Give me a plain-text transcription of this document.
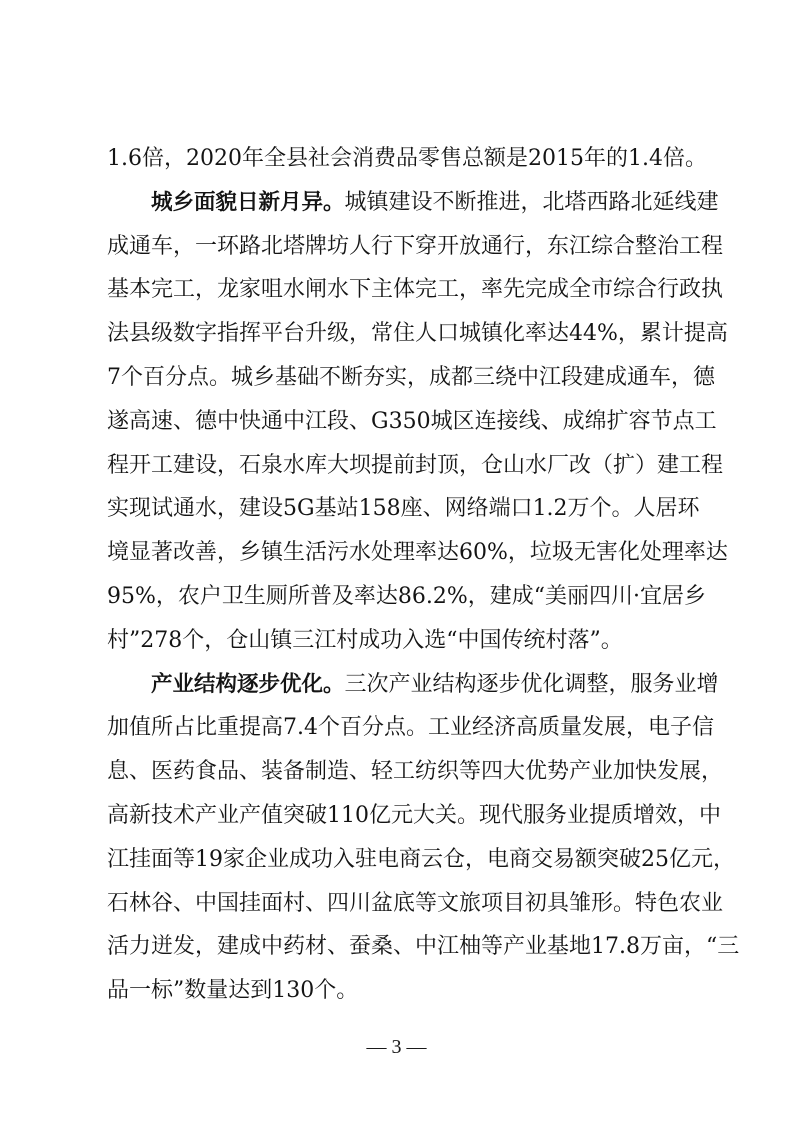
1.6倍，2020年全县社会消费品零售总额是2015年的1.4倍。
城乡面貌日新月异。城镇建设不断推进，北塔西路北延线建
成通车，一环路北塔牌坊人行下穿开放通行，东江综合整治工程
基本完工，龙家咀水闸水下主体完工，率先完成全市综合行政执
法县级数字指挥平台升级，常住人口城镇化率达44%，累计提高
7个百分点。城乡基础不断夯实，成都三绕中江段建成通车，德
遂高速、德中快通中江段、G350城区连接线、成绵扩容节点工
程开工建设，石泉水库大坝提前封顶，仓山水厂改（扩）建工程
实现试通水，建设5G基站158座、网络端口1.2万个。人居环
境显著改善，乡镇生活污水处理率达60%，垃圾无害化处理率达
95%，农户卫生厕所普及率达86.2%，建成“美丽四川·宜居乡
村”278个，仓山镇三江村成功入选“中国传统村落”。
产业结构逐步优化。三次产业结构逐步优化调整，服务业增
加值所占比重提高7.4个百分点。工业经济高质量发展，电子信
息、医药食品、装备制造、轻工纺织等四大优势产业加快发展，
高新技术产业产值突破110亿元大关。现代服务业提质增效，中
江挂面等19家企业成功入驻电商云仓，电商交易额突破25亿元，
石林谷、中国挂面村、四川盆底等文旅项目初具雏形。特色农业
活力迸发，建成中药材、蚕桑、中江柚等产业基地17.8万亩，“三
品一标”数量达到130个。
— 3 —
